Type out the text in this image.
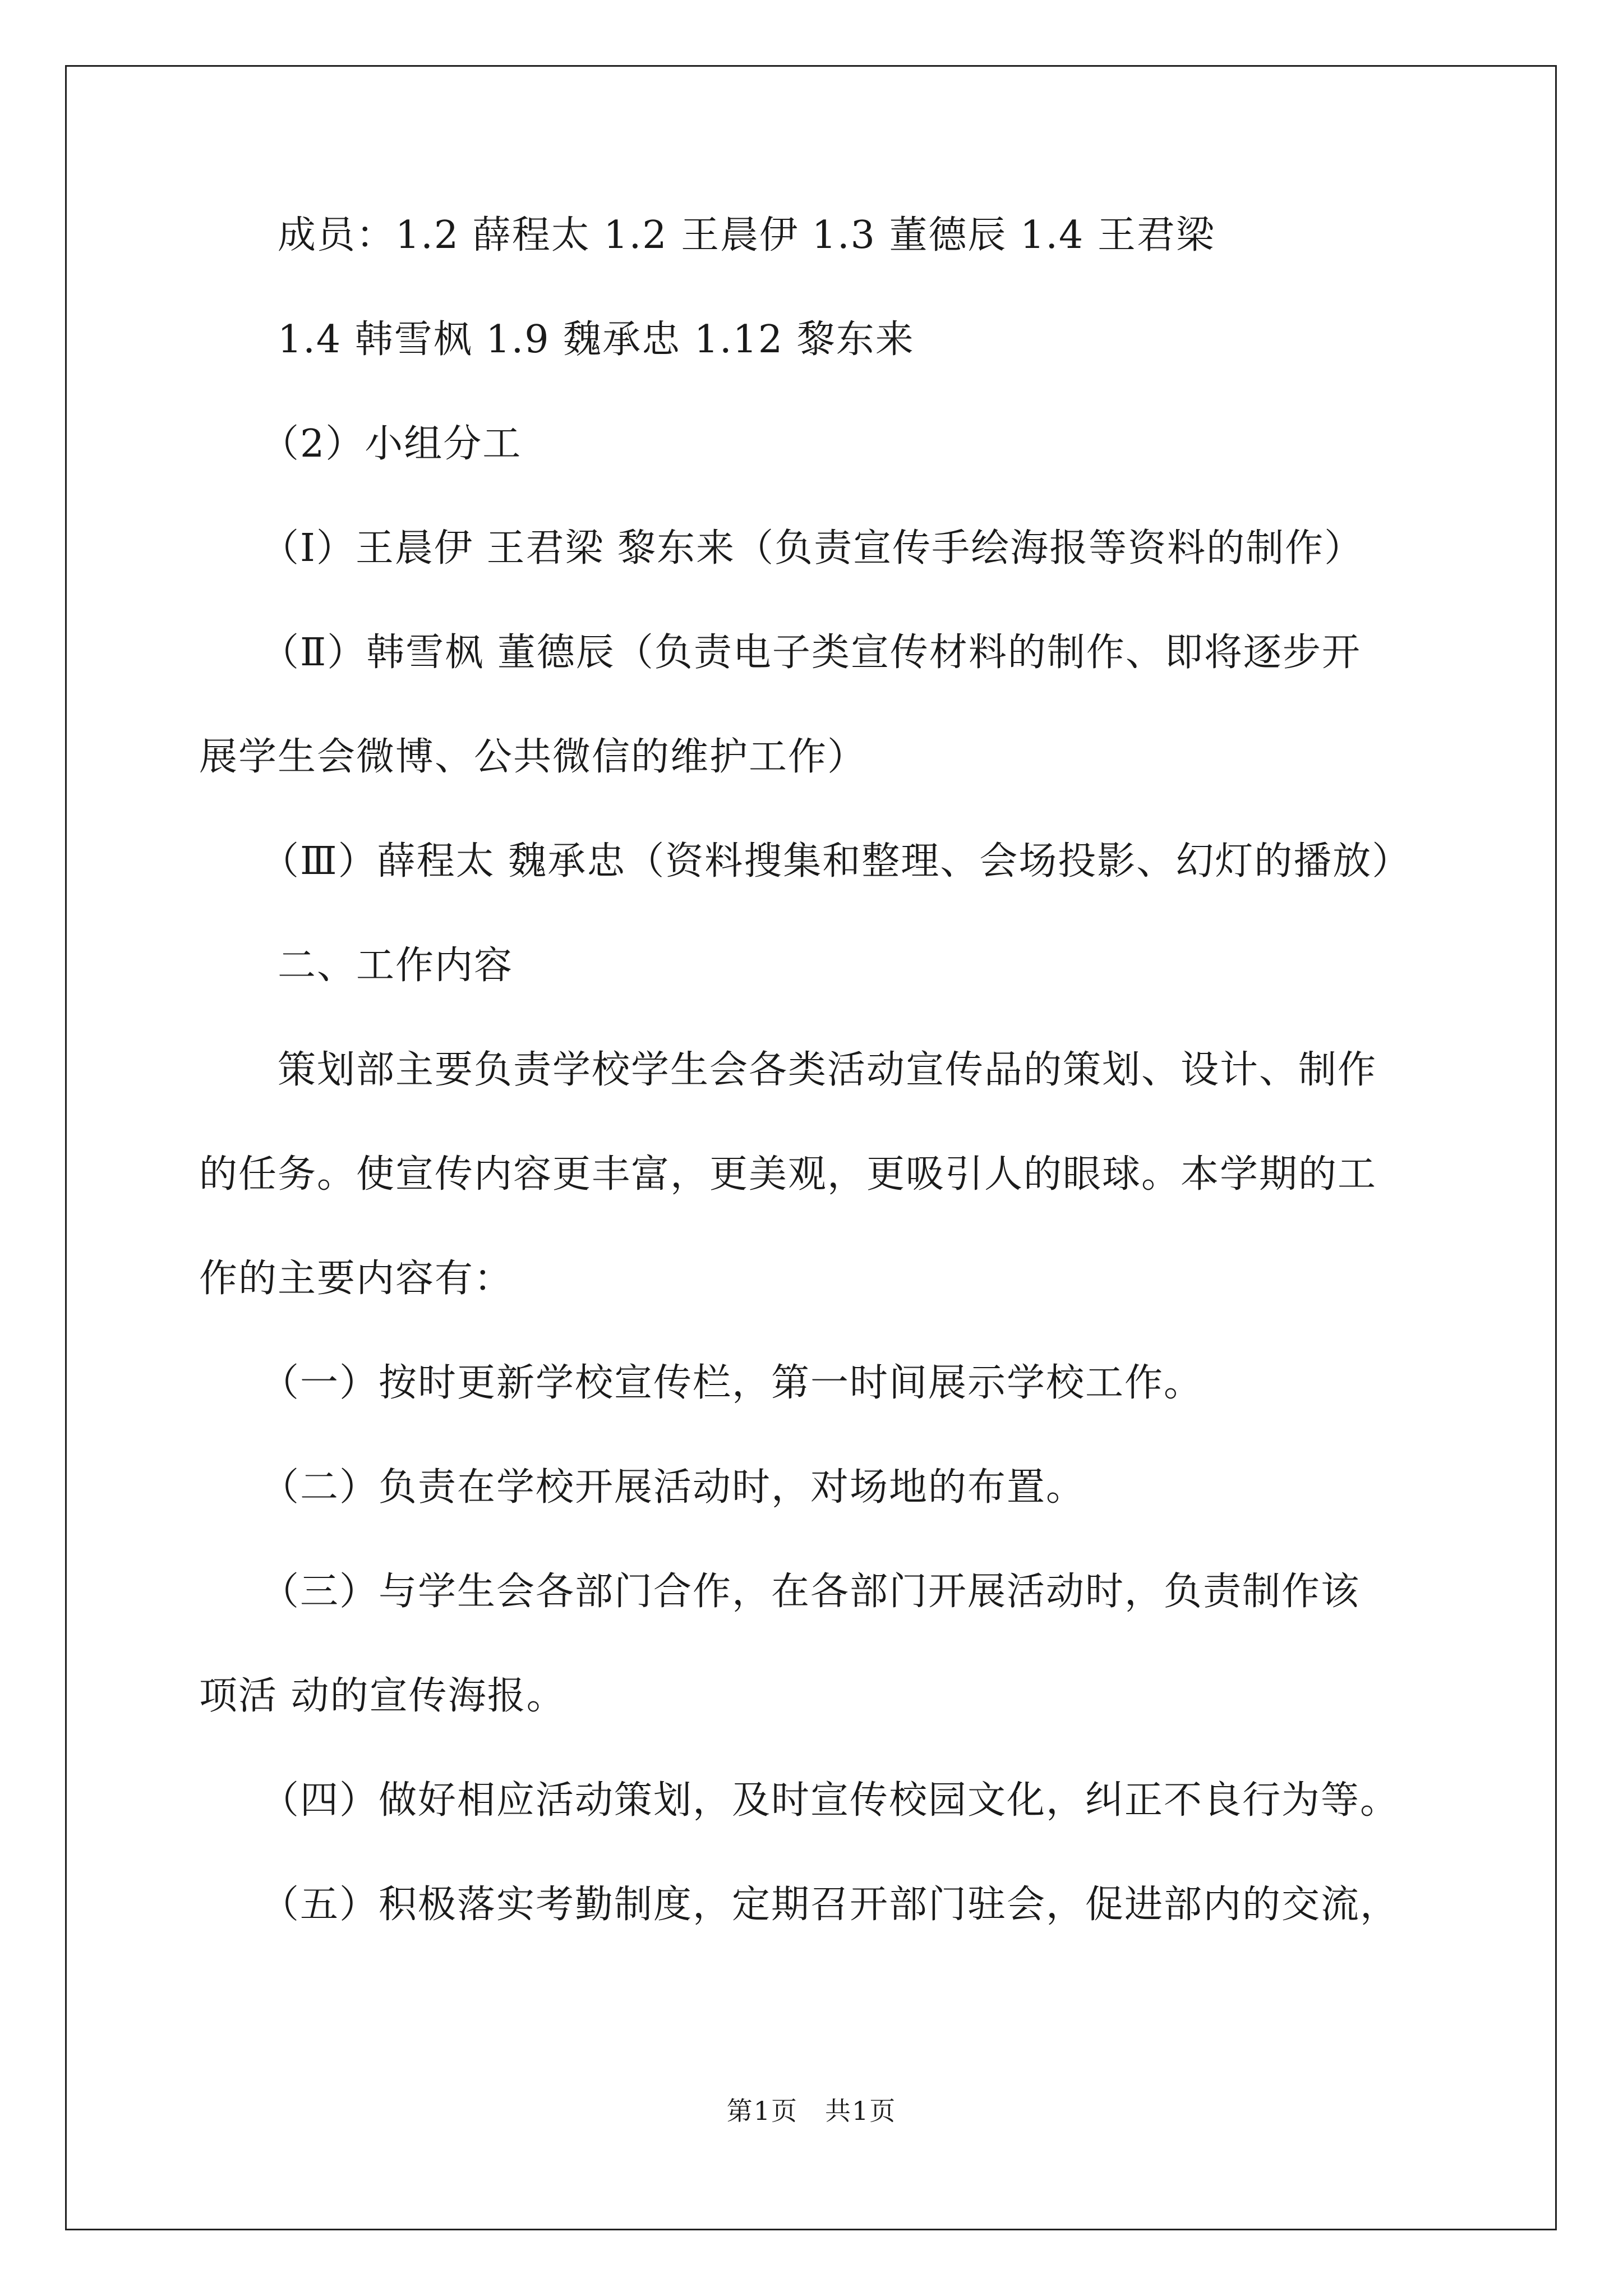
成员：1.2 薛程太 1.2 王晨伊 1.3 董德辰 1.4 王君梁
1.4 韩雪枫 1.9 魏承忠 1.12 黎东来
（2）小组分工
（Ⅰ）王晨伊 王君梁 黎东来（负责宣传手绘海报等资料的制作）
（Ⅱ）韩雪枫 董德辰（负责电子类宣传材料的制作、即将逐步开
展学生会微博、公共微信的维护工作）
（Ⅲ）薛程太 魏承忠（资料搜集和整理、会场投影、幻灯的播放）
二、工作内容
策划部主要负责学校学生会各类活动宣传品的策划、设计、制作
的任务。使宣传内容更丰富，更美观，更吸引人的眼球。本学期的工
作的主要内容有：
（一）按时更新学校宣传栏，第一时间展示学校工作。
（二）负责在学校开展活动时，对场地的布置。
（三）与学生会各部门合作，在各部门开展活动时，负责制作该
项活 动的宣传海报。
（四）做好相应活动策划，及时宣传校园文化，纠正不良行为等。
（五）积极落实考勤制度，定期召开部门驻会，促进部内的交流，
第1页　共1页
